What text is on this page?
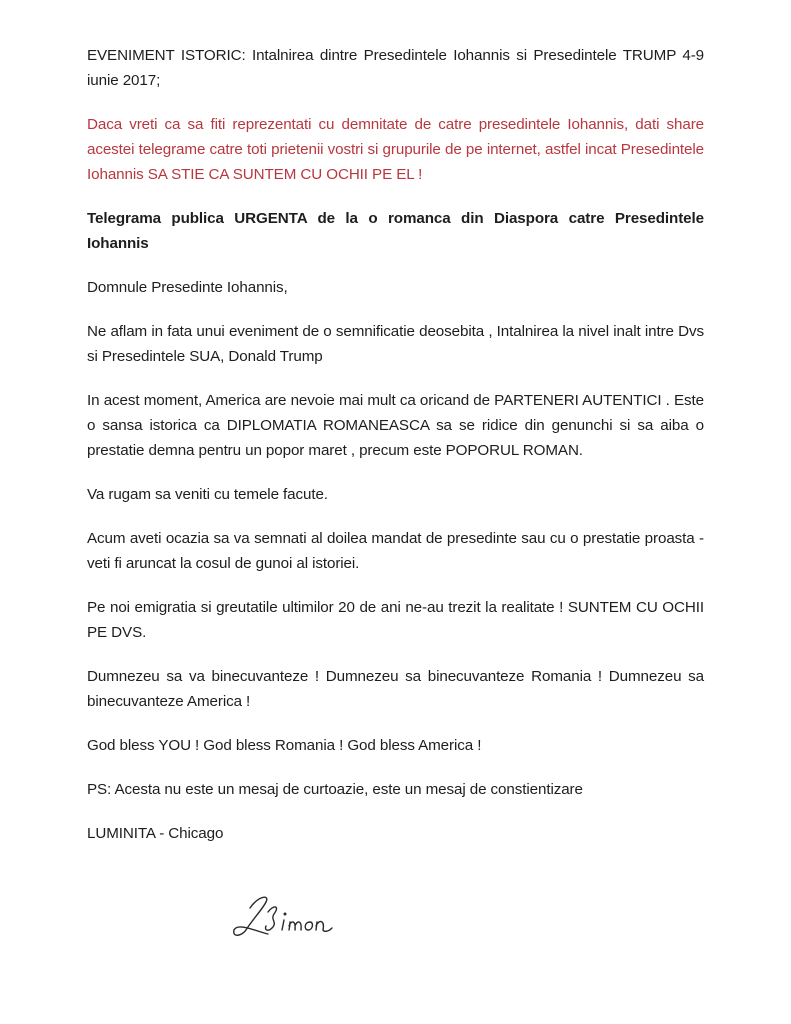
EVENIMENT ISTORIC: Intalnirea dintre Presedintele Iohannis si Presedintele TRUMP 4-9 iunie 2017;

Daca vreti ca sa fiti reprezentati cu demnitate de catre presedintele Iohannis, dati share acestei telegrame catre toti prietenii vostri si grupurile de pe internet, astfel incat Presedintele Iohannis SA STIE CA SUNTEM CU OCHII PE EL !

Telegrama publica URGENTA de la o romanca din Diaspora catre Presedintele Iohannis

Domnule Presedinte Iohannis,

Ne aflam in fata unui eveniment de o semnificatie deosebita , Intalnirea la nivel inalt intre Dvs si Presedintele SUA, Donald Trump

In acest moment, America are nevoie mai mult ca oricand de PARTENERI AUTENTICI . Este o sansa istorica ca DIPLOMATIA ROMANEASCA sa se ridice din genunchi si sa aiba o prestatie demna pentru un popor maret , precum este POPORUL ROMAN.

Va rugam sa veniti cu temele facute.

Acum aveti ocazia sa va semnati al doilea mandat de presedinte sau cu o prestatie proasta - veti fi aruncat la cosul de gunoi al istoriei.

Pe noi emigratia si greutatile ultimilor 20 de ani ne-au trezit la realitate ! SUNTEM CU OCHII PE DVS.

Dumnezeu sa va binecuvanteze ! Dumnezeu sa binecuvanteze Romania ! Dumnezeu sa binecuvanteze America !

God bless YOU ! God bless Romania ! God bless America !

PS: Acesta nu este un mesaj de curtoazie, este un mesaj de constientizare

LUMINITA - Chicago
